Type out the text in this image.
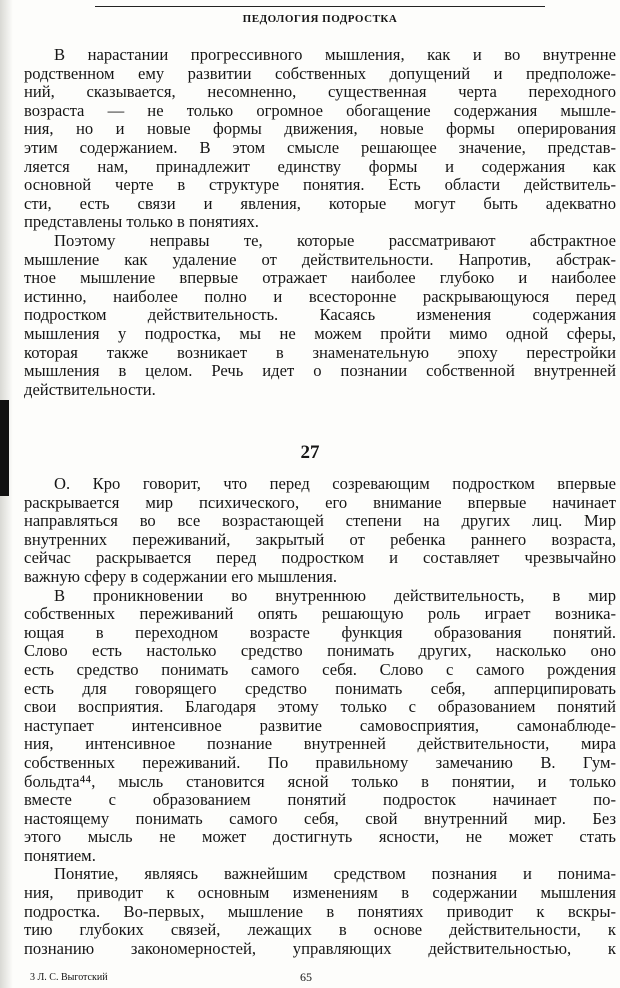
ПЕДОЛОГИЯ ПОДРОСТКА
В нарастании прогрессивного мышления, как и во внутренне
родственном ему развитии собственных допущений и предположе-
ний, сказывается, несомненно, существенная черта переходного
возраста — не только огромное обогащение содержания мышле-
ния, но и новые формы движения, новые формы оперирования
этим содержанием. В этом смысле решающее значение, представ-
ляется нам, принадлежит единству формы и содержания как
основной черте в структуре понятия. Есть области действитель-
сти, есть связи и явления, которые могут быть адекватно
представлены только в понятиях.
Поэтому неправы те, которые рассматривают абстрактное
мышление как удаление от действительности. Напротив, абстрак-
тное мышление впервые отражает наиболее глубоко и наиболее
истинно, наиболее полно и всесторонне раскрывающуюся перед
подростком действительность. Касаясь изменения содержания
мышления у подростка, мы не можем пройти мимо одной сферы,
которая также возникает в знаменательную эпоху перестройки
мышления в целом. Речь идет о познании собственной внутренней
действительности.
27
О. Кро говорит, что перед созревающим подростком впервые
раскрывается мир психического, его внимание впервые начинает
направляться во все возрастающей степени на других лиц. Мир
внутренних переживаний, закрытый от ребенка раннего возраста,
сейчас раскрывается перед подростком и составляет чрезвычайно
важную сферу в содержании его мышления.
В проникновении во внутреннюю действительность, в мир
собственных переживаний опять решающую роль играет возника-
ющая в переходном возрасте функция образования понятий.
Слово есть настолько средство понимать других, насколько оно
есть средство понимать самого себя. Слово с самого рождения
есть для говорящего средство понимать себя, апперципировать
свои восприятия. Благодаря этому только с образованием понятий
наступает интенсивное развитие самовосприятия, самонаблюде-
ния, интенсивное познание внутренней действительности, мира
собственных переживаний. По правильному замечанию В. Гум-
больдта⁴⁴, мысль становится ясной только в понятии, и только
вместе с образованием понятий подросток начинает по-
настоящему понимать самого себя, свой внутренний мир. Без
этого мысль не может достигнуть ясности, не может стать
понятием.
Понятие, являясь важнейшим средством познания и понима-
ния, приводит к основным изменениям в содержании мышления
подростка. Во-первых, мышление в понятиях приводит к вскры-
тию глубоких связей, лежащих в основе действительности, к
познанию закономерностей, управляющих действительностью, к
3 Л. С. Выготский	65
